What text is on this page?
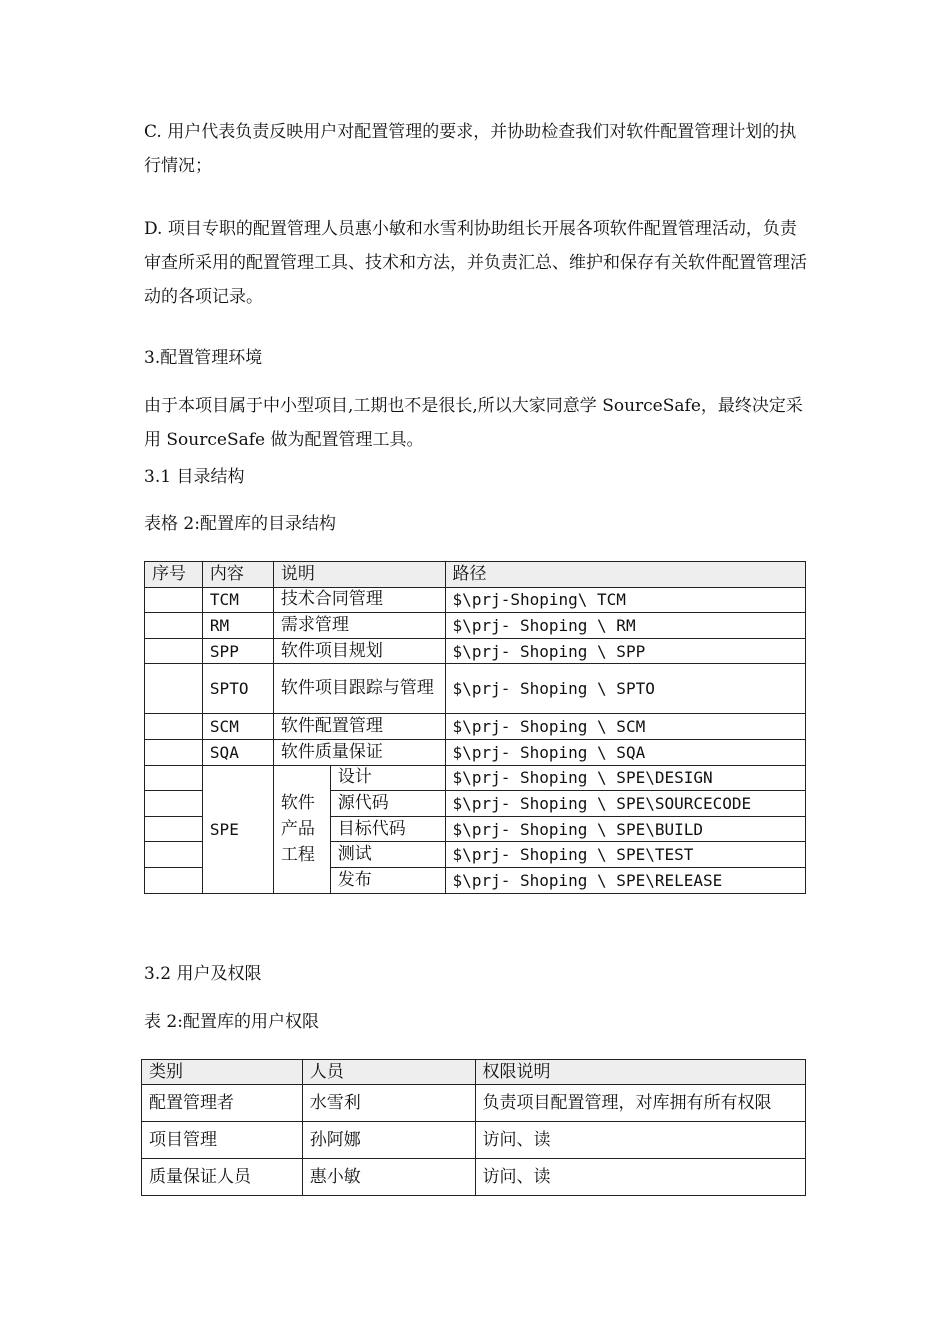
C. 用户代表负责反映用户对配置管理的要求，并协助检查我们对软件配置管理计划的执行情况；

D. 项目专职的配置管理人员惠小敏和水雪利协助组长开展各项软件配置管理活动，负责审查所采用的配置管理工具、技术和方法，并负责汇总、维护和保存有关软件配置管理活动的各项记录。

3.配置管理环境

由于本项目属于中小型项目,工期也不是很长,所以大家同意学 SourceSafe，最终决定采用 SourceSafe 做为配置管理工具。

3.1 目录结构

表格 2:配置库的目录结构

序号	内容	说明		路径
	TCM	技术合同管理		$\prj-Shoping\ TCM
	RM	需求管理		$\prj- Shoping \ RM
	SPP	软件项目规划		$\prj- Shoping \ SPP
	SPTO	软件项目跟踪与管理		$\prj- Shoping \ SPTO
	SCM	软件配置管理		$\prj- Shoping \ SCM
	SQA	软件质量保证		$\prj- Shoping \ SQA
	SPE	软件产品工程	设计	$\prj- Shoping \ SPE\DESIGN
			源代码	$\prj- Shoping \ SPE\SOURCECODE
			目标代码	$\prj- Shoping \ SPE\BUILD
			测试	$\prj- Shoping \ SPE\TEST
			发布	$\prj- Shoping \ SPE\RELEASE

3.2 用户及权限

表 2:配置库的用户权限

类别	人员	权限说明
配置管理者	水雪利	负责项目配置管理，对库拥有所有权限
项目管理	孙阿娜	访问、读
质量保证人员	惠小敏	访问、读
